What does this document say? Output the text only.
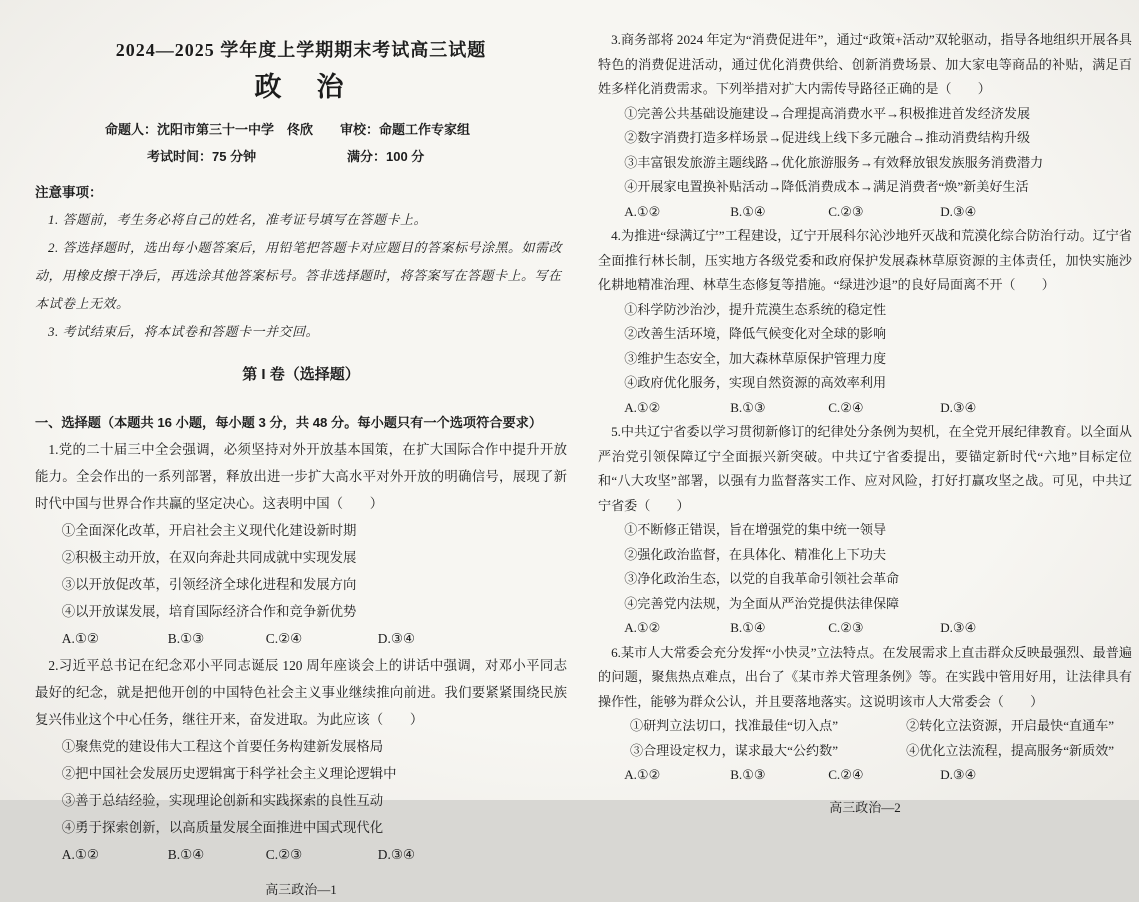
2024—2025 学年度上学期期末考试高三试题
政　治
命题人：沈阳市第三十一中学　佟欣 审校：命题工作专家组
考试时间：75 分钟	满分：100 分

注意事项：

1. 答题前，考生务必将自己的姓名，准考证号填写在答题卡上。

2. 答选择题时，选出每小题答案后，用铅笔把答题卡对应题目的答案标号涂黑。如需改动，用橡皮擦干净后，再选涂其他答案标号。答非选择题时，将答案写在答题卡上。写在本试卷上无效。

3. 考试结束后，将本试卷和答题卡一并交回。

第 I 卷（选择题）

一、选择题（本题共 16 小题，每小题 3 分，共 48 分。每小题只有一个选项符合要求）

1.党的二十届三中全会强调，必须坚持对外开放基本国策，在扩大国际合作中提升开放能力。全会作出的一系列部署，释放出进一步扩大高水平对外开放的明确信号，展现了新时代中国与世界合作共赢的坚定决心。这表明中国（　　）

①全面深化改革，开启社会主义现代化建设新时期

②积极主动开放，在双向奔赴共同成就中实现发展

③以开放促改革，引领经济全球化进程和发展方向

④以开放谋发展，培育国际经济合作和竞争新优势

A.①②	B.①③	C.②④	D.③④

2.习近平总书记在纪念邓小平同志诞辰 120 周年座谈会上的讲话中强调，对邓小平同志最好的纪念，就是把他开创的中国特色社会主义事业继续推向前进。我们要紧紧围绕民族复兴伟业这个中心任务，继往开来，奋发进取。为此应该（　　）

①聚焦党的建设伟大工程这个首要任务构建新发展格局

②把中国社会发展历史逻辑寓于科学社会主义理论逻辑中

③善于总结经验，实现理论创新和实践探索的良性互动

④勇于探索创新，以高质量发展全面推进中国式现代化

A.①②	B.①④	C.②③	D.③④
高三政治—1

3.商务部将 2024 年定为“消费促进年”，通过“政策+活动”双轮驱动，指导各地组织开展各具特色的消费促进活动，通过优化消费供给、创新消费场景、加大家电等商品的补贴，满足百姓多样化消费需求。下列举措对扩大内需传导路径正确的是（　　）

①完善公共基础设施建设→合理提高消费水平→积极推进首发经济发展

②数字消费打造多样场景→促进线上线下多元融合→推动消费结构升级

③丰富银发旅游主题线路→优化旅游服务→有效释放银发族服务消费潜力

④开展家电置换补贴活动→降低消费成本→满足消费者“焕”新美好生活

A.①②	B.①④	C.②③	D.③④

4.为推进“绿满辽宁”工程建设，辽宁开展科尔沁沙地歼灭战和荒漠化综合防治行动。辽宁省全面推行林长制，压实地方各级党委和政府保护发展森林草原资源的主体责任，加快实施沙化耕地精准治理、林草生态修复等措施。“绿进沙退”的良好局面离不开（　　）

①科学防沙治沙，提升荒漠生态系统的稳定性

②改善生活环境，降低气候变化对全球的影响

③维护生态安全，加大森林草原保护管理力度

④政府优化服务，实现自然资源的高效率利用

A.①②	B.①③	C.②④	D.③④

5.中共辽宁省委以学习贯彻新修订的纪律处分条例为契机，在全党开展纪律教育。以全面从严治党引领保障辽宁全面振兴新突破。中共辽宁省委提出，要锚定新时代“六地”目标定位和“八大攻坚”部署，以强有力监督落实工作、应对风险，打好打赢攻坚之战。可见，中共辽宁省委（　　）

①不断修正错误，旨在增强党的集中统一领导

②强化政治监督，在具体化、精准化上下功夫

③净化政治生态，以党的自我革命引领社会革命

④完善党内法规，为全面从严治党提供法律保障

A.①②	B.①④	C.②③	D.③④

6.某市人大常委会充分发挥“小快灵”立法特点。在发展需求上直击群众反映最强烈、最普遍的问题，聚焦热点难点，出台了《某市养犬管理条例》等。在实践中管用好用，让法律具有操作性，能够为群众公认，并且要落地落实。这说明该市人大常委会（　　）

①研判立法切口，找准最佳“切入点”	②转化立法资源，开启最快“直通车”

③合理设定权力，谋求最大“公约数”	④优化立法流程，提高服务“新质效”

A.①②	B.①③	C.②④	D.③④
高三政治—2
